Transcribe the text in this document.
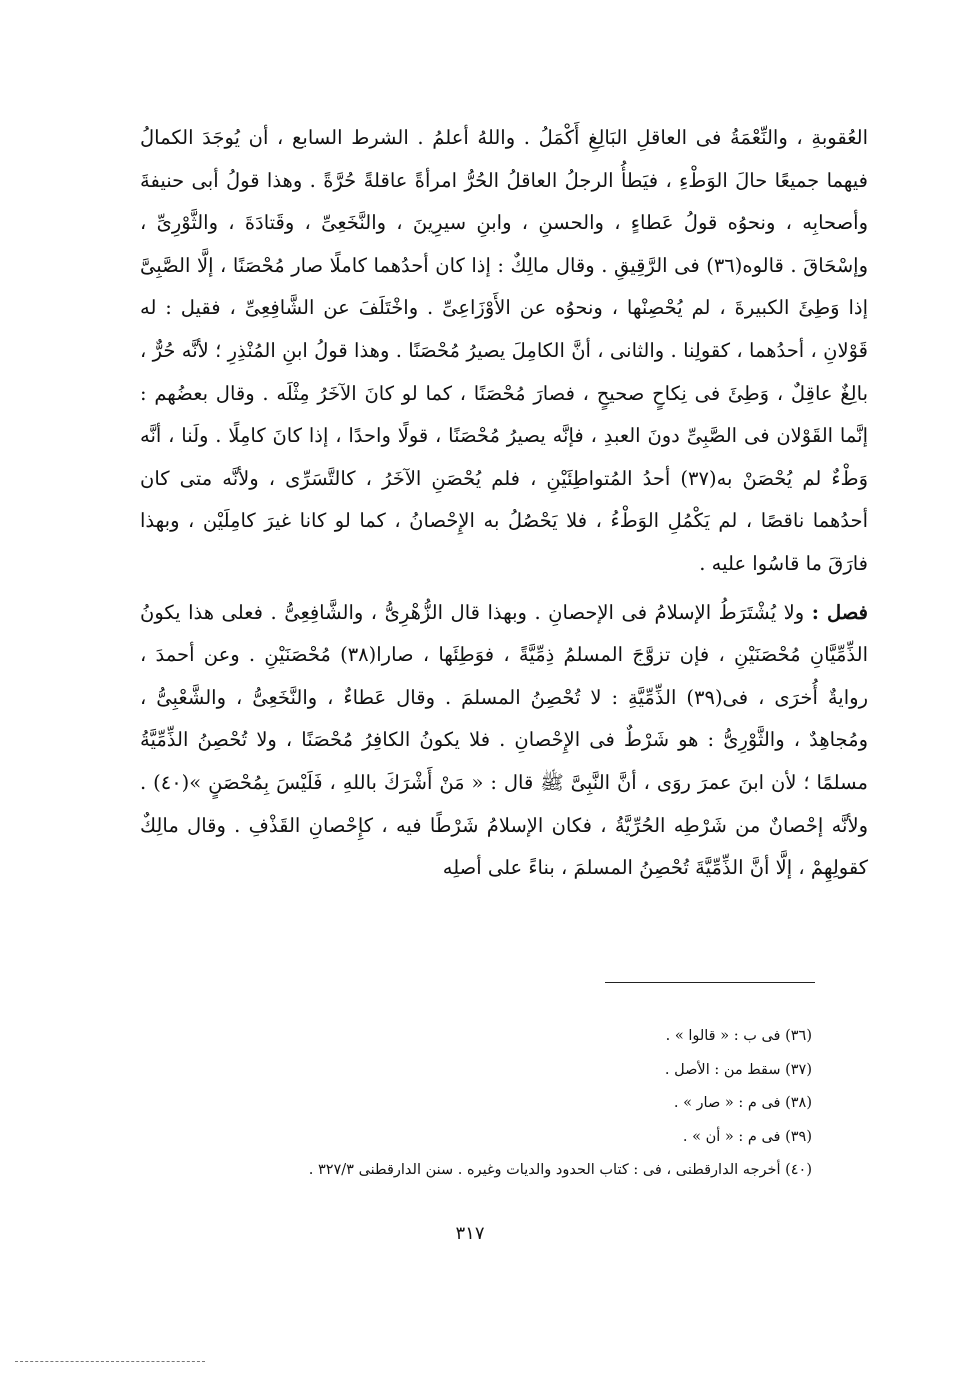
العُقوبةِ ، والنِّعْمَةُ فى العاقلِ البَالِغِ أَكْمَلُ . واللهُ أعلمُ . الشرط السابع ، أن يُوجَدَ الكمالُ فيهما جميعًا حالَ الوَطْءِ ، فيَطأُ الرجلُ العاقلُ الحُرُّ امرأةً عاقلةً حُرَّةً . وهذا قولُ أبى حنيفةَ وأصحابِه ، ونحوُه قولُ عَطاءٍ ، والحسنِ ، وابنِ سيرِينَ ، والنَّخَعِىِّ ، وقَتادَةَ ، والثَّوْرِىِّ ، وإسْحَاقَ . قالوه(٣٦) فى الرَّقِيقِ . وقال مالِكٌ : إذا كان أحدُهما كاملًا صار مُحْصَنًا ، إلَّا الصَّبِىَّ إذا وَطِئَ الكبيرةَ ، لم يُحْصِنْها ، ونحوُه عن الأَوْزَاعِىِّ . واخْتَلَفَ عن الشَّافِعِىِّ ، فقيل : له قَوْلانِ ، أحدُهما ، كقولِنا . والثانى ، أنَّ الكامِلَ يصيرُ مُحْصَنًا . وهذا قولُ ابنِ المُنْذِرِ ؛ لأنَّه حُرٌّ ، بالِغٌ عاقِلٌ ، وَطِئَ فى نِكاحٍ صحيحٍ ، فصارَ مُحْصَنًا ، كما لو كانَ الآخَرُ مِثْلَه . وقال بعضُهم : إنَّما القَوْلان فى الصَّبِىِّ دونَ العبدِ ، فإنَّه يصيرُ مُحْصَنًا ، قولًا واحدًا ، إذا كانَ كامِلًا . ولَنا ، أنَّه وَطْءٌ لم يُحْصَنْ به(٣٧) أحدُ المُتواطِئَيْنِ ، فلم يُحْصَنِ الآخَرُ ، كالتَّسَرِّى ، ولأنَّه متى كان أحدُهما ناقصًا ، لم يَكْمُلِ الوَطْءُ ، فلا يَحْصُلُ به الإِحْصانُ ، كما لو كانا غيرَ كامِلَيْن ، وبهذا فارَقَ ما قاسُوا عليه .

فصل : ولا يُشْتَرَطُ الإسلامُ فى الإحصانِ . وبهذا قال الزُّهْرِىُّ ، والشَّافِعِىُّ . فعلى هذا يكونُ الذِّمِّيَّانِ مُحْصَنَيْنِ ، فإن تزوَّجَ المسلمُ ذِمِّيَّةً ، فوَطِئَها ، صارا(٣٨) مُحْصَنَيْنِ . وعن أحمدَ ، روايةٌ أُخرَى ، فى(٣٩) الذِّمِّيَّةِ : لا تُحْصِنُ المسلمَ . وقال عَطاءٌ ، والنَّخَعِىُّ ، والشَّعْبِىُّ ، ومُجاهِدٌ ، والثَّوْرِىُّ : هو شَرْطٌ فى الإِحْصانِ . فلا يكونُ الكافِرُ مُحْصَنًا ، ولا تُحْصِنُ الذِّمِّيَّةُ مسلمًا ؛ لأن ابنَ عمرَ روَى ، أنَّ النَّبِىَّ ﷺ قال : « مَنْ أَشْرَكَ باللهِ ، فَلَيْسَ بِمُحْصَنٍ »(٤٠) . ولأنَّه إحْصانٌ من شَرْطِه الحُرِّيَّةُ ، فكان الإسلامُ شَرْطًا فيه ، كإِحْصانِ القَذْفِ . وقال مالِكٌ كقولِهِمْ ، إلَّا أنَّ الذِّمِّيَّةَ تُحْصِنُ المسلمَ ، بناءً على أصلِه

(٣٦) فى ب : « قالوا » .
(٣٧) سقط من : الأصل .
(٣٨) فى م : « صار » .
(٣٩) فى م : « أن » .
(٤٠) أخرجه الدارقطنى ، فى : كتاب الحدود والديات وغيره . سنن الدارقطنى ٣٢٧/٣ .
٣١٧
